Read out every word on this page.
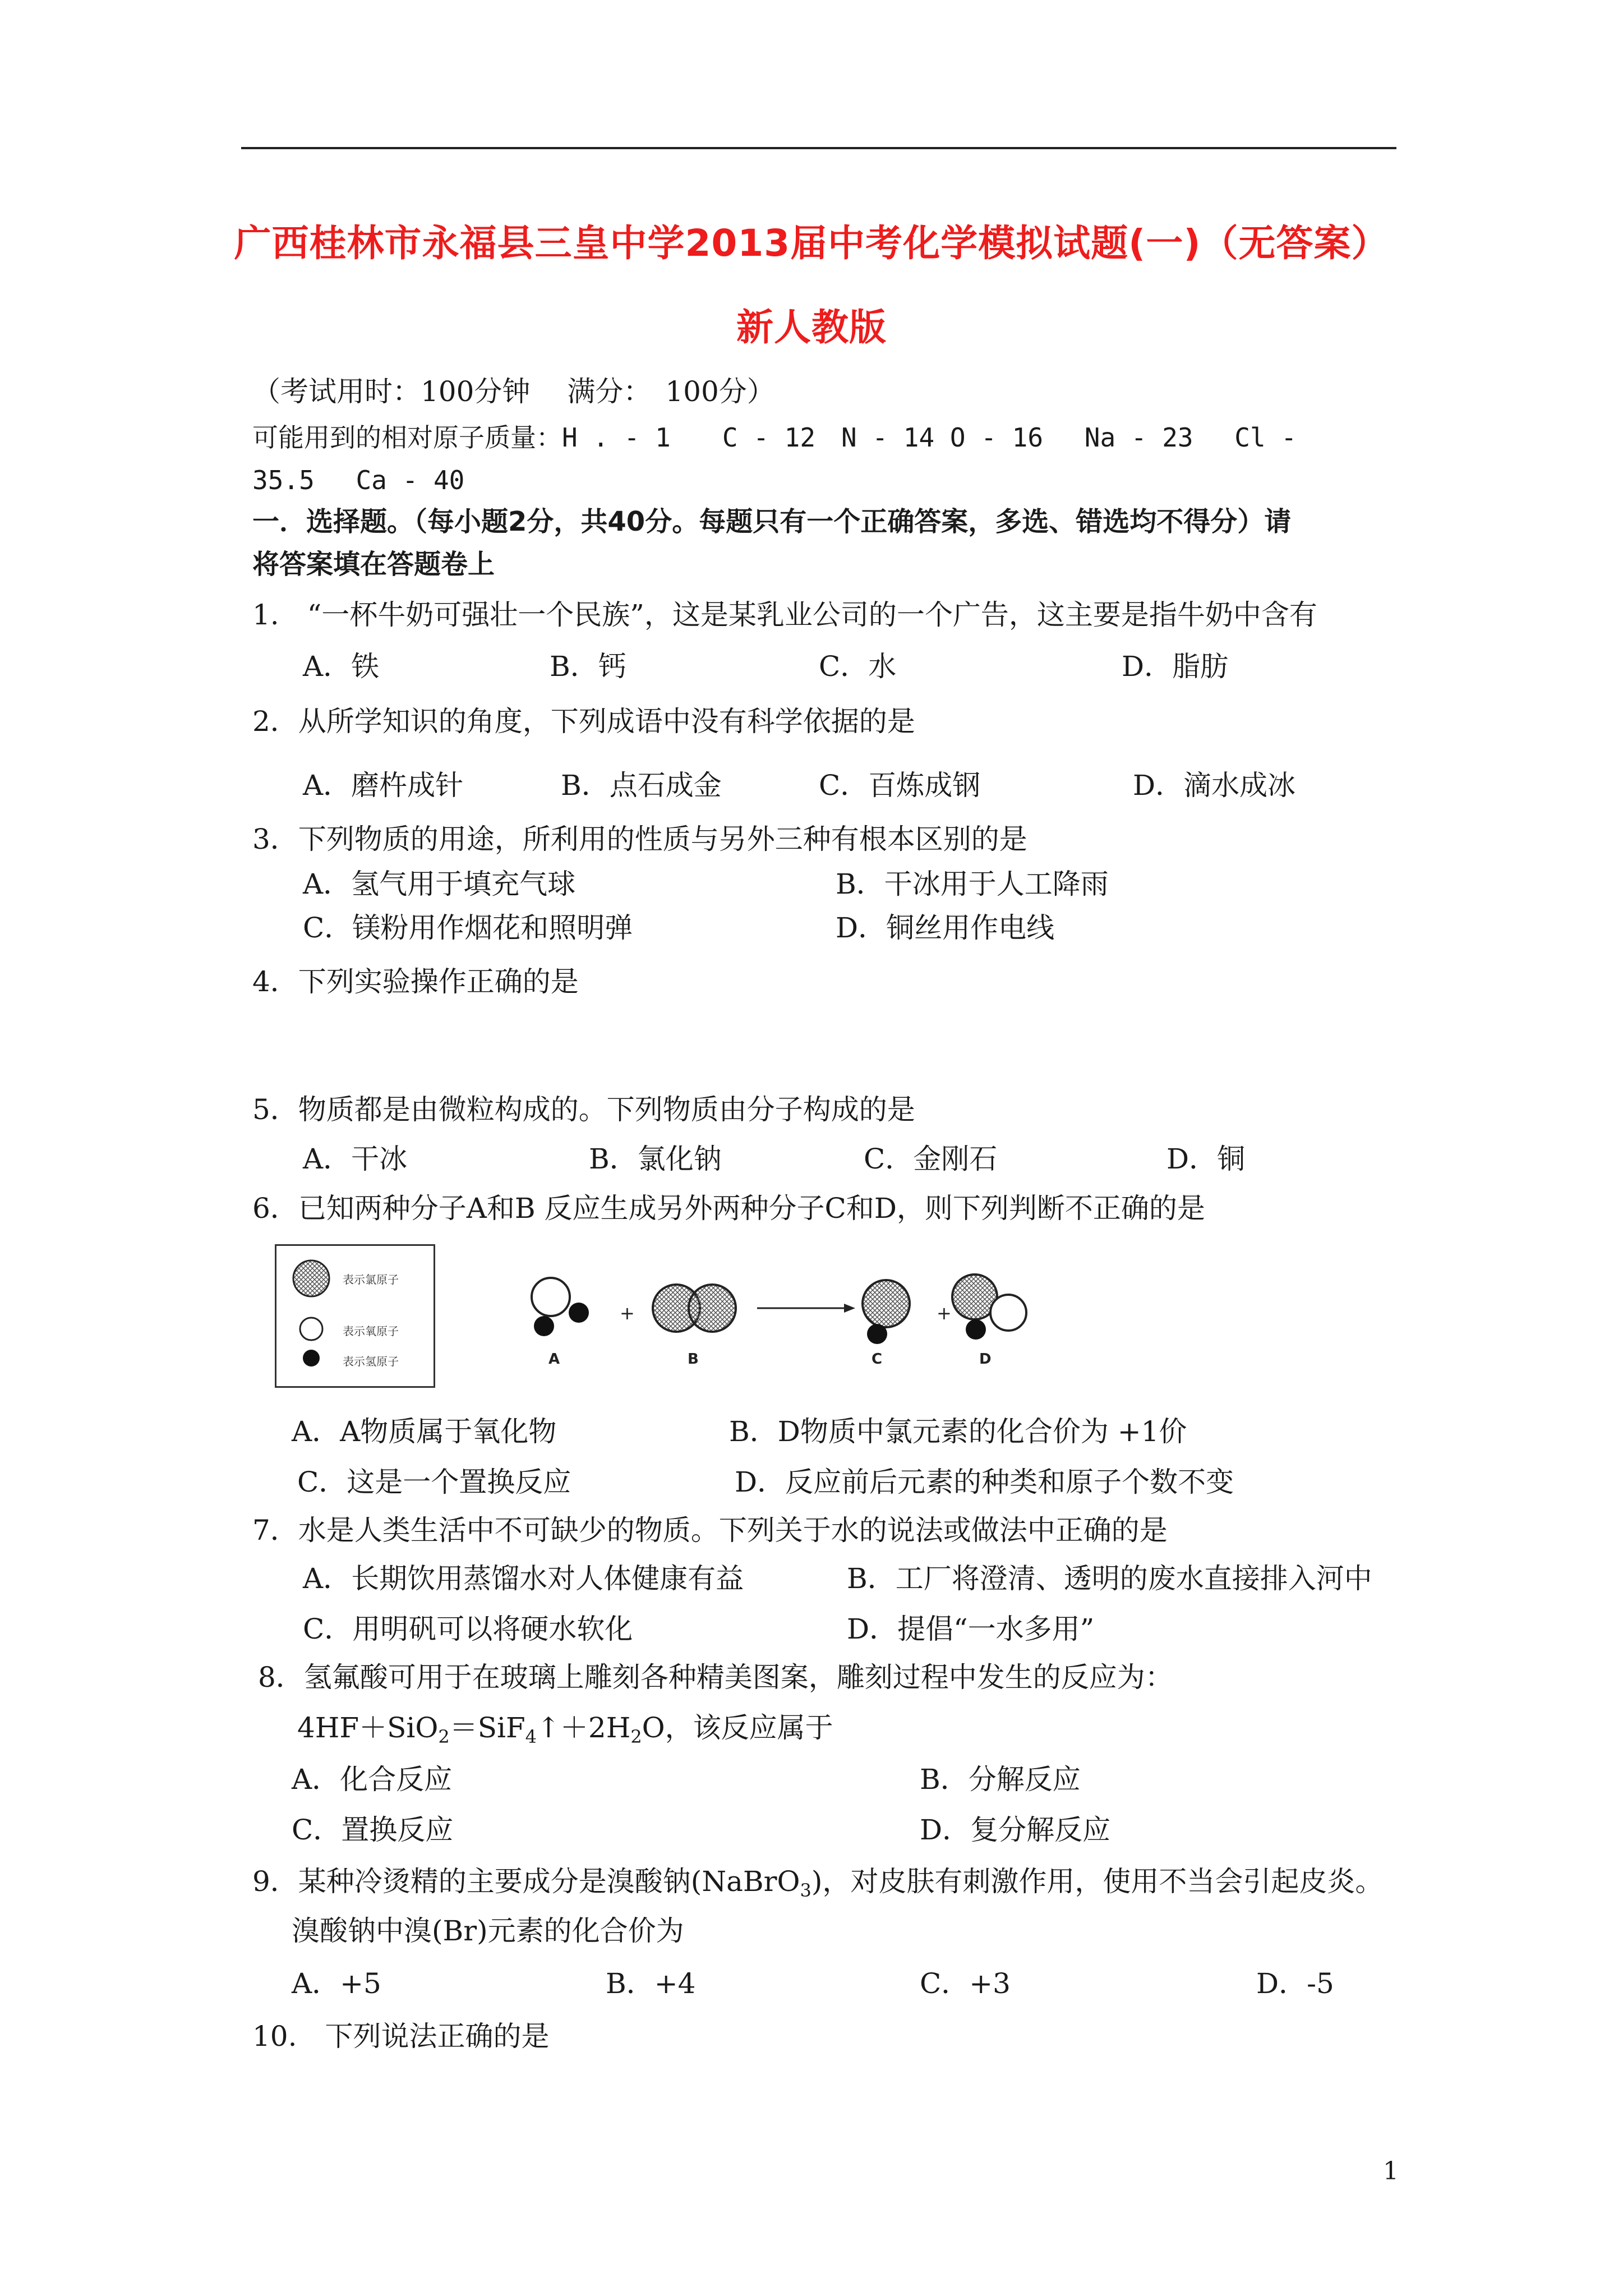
广西桂林市永福县三皇中学2013届中考化学模拟试题(一)（无答案）
新人教版
（考试用时：100分钟　 满分：　100分）
可能用到的相对原子质量：H . - 1　　C - 12　N - 14 O - 16　 Na - 23　 Cl -
35.5　 Ca - 40
一．选择题。（每小题2分，共40分。每题只有一个正确答案，多选、错选均不得分）请
将答案填在答题卷上
1.　“一杯牛奶可强壮一个民族”，这是某乳业公司的一个广告，这主要是指牛奶中含有
A．铁	B．钙	C．水	D．脂肪
2．从所学知识的角度，下列成语中没有科学依据的是
A．磨杵成针	B．点石成金	C．百炼成钢	D．滴水成冰
3．下列物质的用途，所利用的性质与另外三种有根本区别的是
A．氢气用于填充气球	B．干冰用于人工降雨
C．镁粉用作烟花和照明弹	D．铜丝用作电线
4．下列实验操作正确的是
5．物质都是由微粒构成的。下列物质由分子构成的是
A．干冰	B．氯化钠	C．金刚石	D．铜
6．已知两种分子A和B 反应生成另外两种分子C和D，则下列判断不正确的是
表示氯原子
表示氧原子
表示氢原子
+	+
A	B	C	D
A．A物质属于氧化物	B．D物质中氯元素的化合价为 +1价
C．这是一个置换反应	D．反应前后元素的种类和原子个数不变
7．水是人类生活中不可缺少的物质。下列关于水的说法或做法中正确的是
A．长期饮用蒸馏水对人体健康有益	B．工厂将澄清、透明的废水直接排入河中
C．用明矾可以将硬水软化	D．提倡“一水多用”
8．氢氟酸可用于在玻璃上雕刻各种精美图案，雕刻过程中发生的反应为：
$4HF+SiO_2=SiF_4↑+2H_2O$，该反应属于
A．化合反应	B．分解反应
C．置换反应	D．复分解反应
9．某种冷烫精的主要成分是溴酸钠(NaBrO$_3$)，对皮肤有刺激作用，使用不当会引起皮炎。
溴酸钠中溴(Br)元素的化合价为
A．+5	B．+4	C．+3	D．-5
10.　下列说法正确的是
1
